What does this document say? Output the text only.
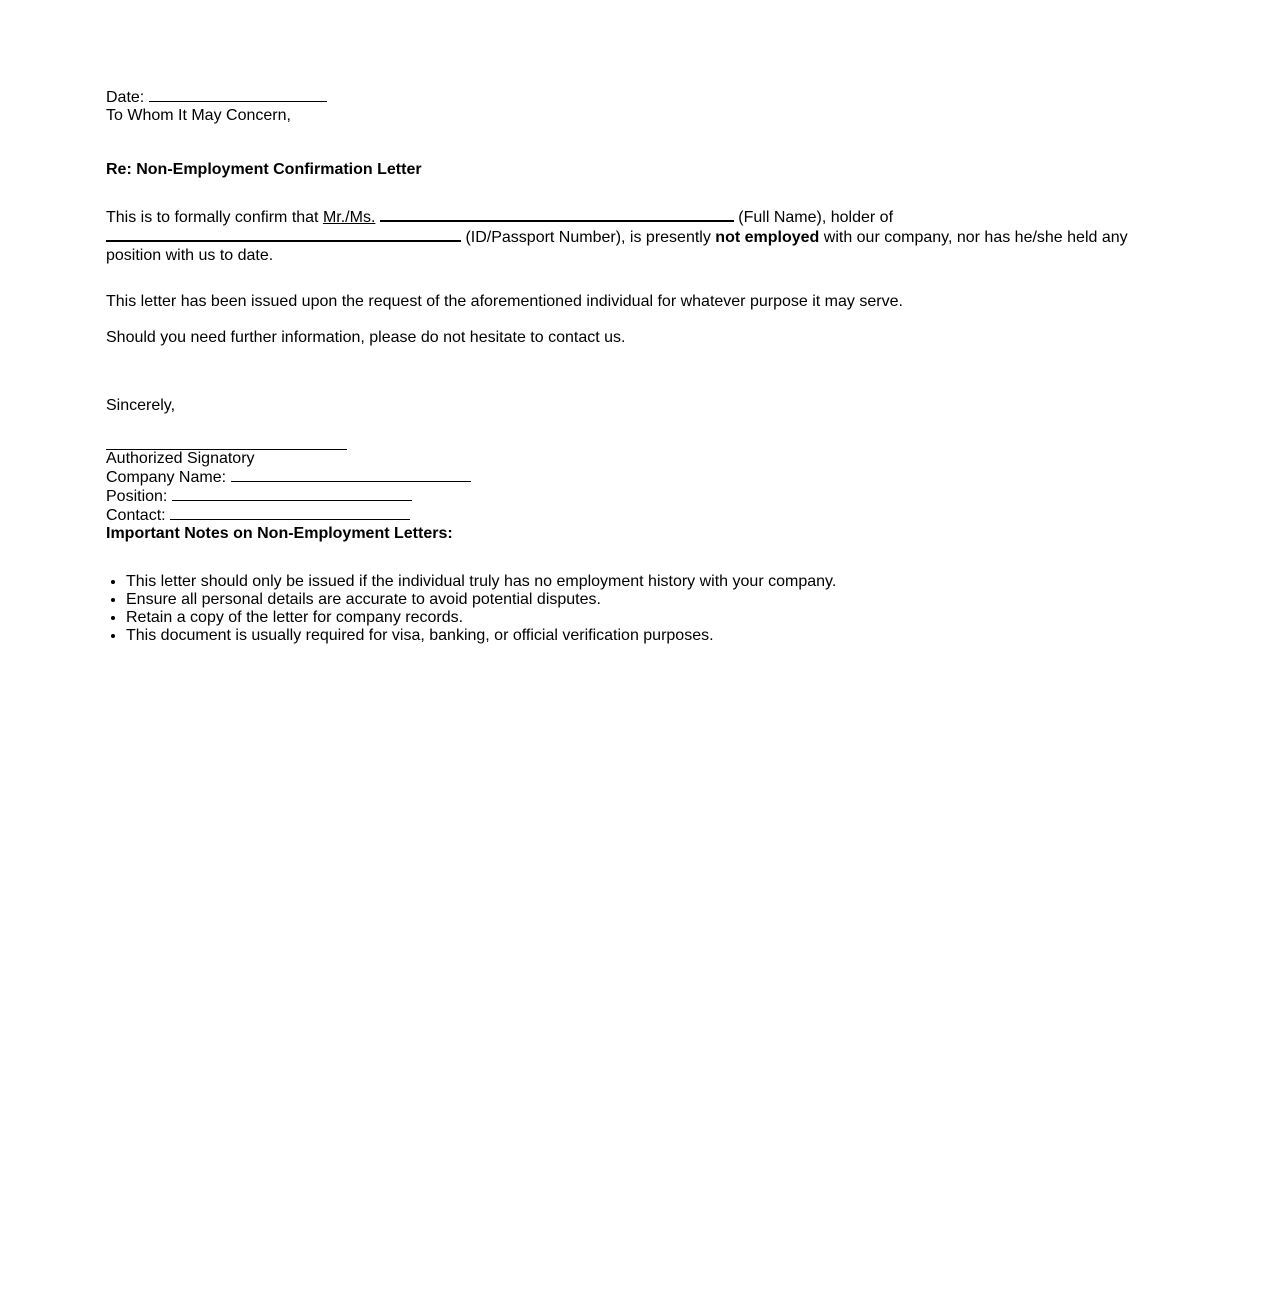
Date:
To Whom It May Concern,
Re: Non-Employment Confirmation Letter
This is to formally confirm that Mr./Ms.	(Full Name), holder of
(ID/Passport Number), is presently not employed with our company, nor has he/she held any position with us to date.
This letter has been issued upon the request of the aforementioned individual for whatever purpose it may serve.
Should you need further information, please do not hesitate to contact us.
Sincerely,
Authorized Signatory
Company Name:
Position:
Contact:
Important Notes on Non-Employment Letters:
• This letter should only be issued if the individual truly has no employment history with your company.
• Ensure all personal details are accurate to avoid potential disputes.
• Retain a copy of the letter for company records.
• This document is usually required for visa, banking, or official verification purposes.
